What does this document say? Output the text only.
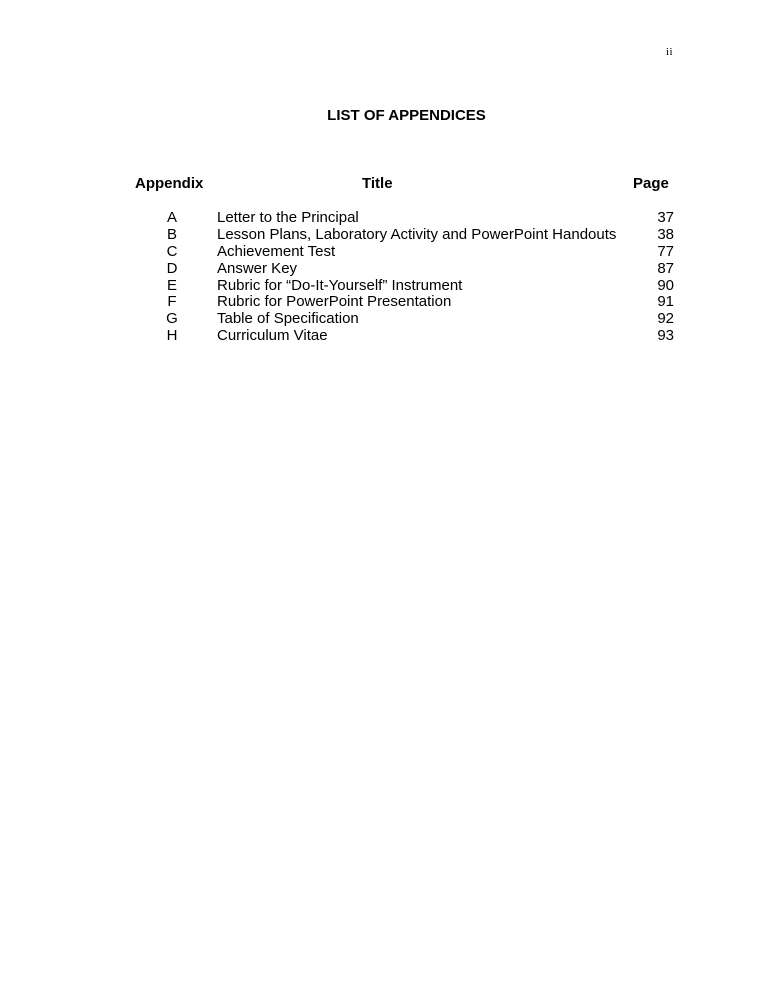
ii
LIST OF APPENDICES
Appendix	Title	Page
A	Letter to the Principal	37
B	Lesson Plans, Laboratory Activity and PowerPoint Handouts	38
C	Achievement Test	77
D	Answer Key	87
E	Rubric for “Do-It-Yourself” Instrument	90
F	Rubric for PowerPoint Presentation	91
G	Table of Specification	92
H	Curriculum Vitae	93
